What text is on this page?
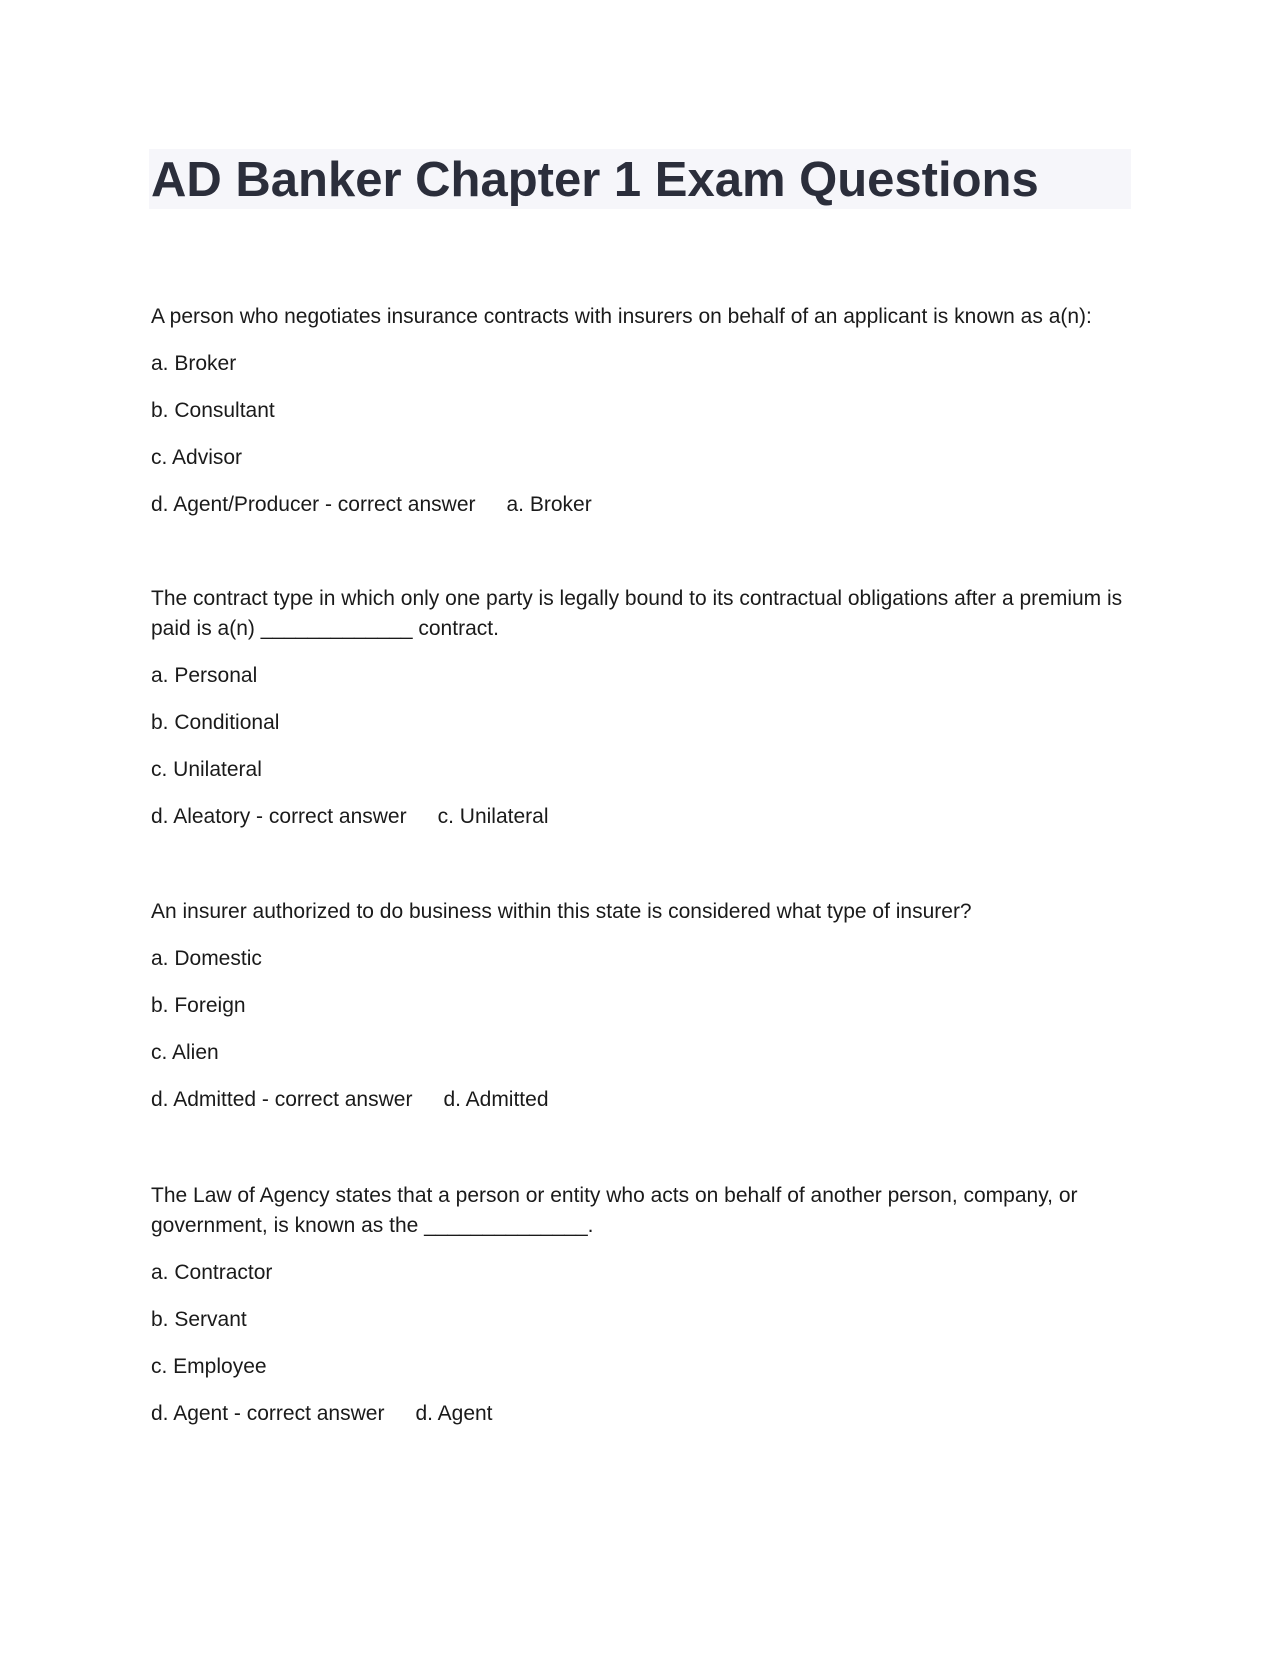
AD Banker Chapter 1 Exam Questions

A person who negotiates insurance contracts with insurers on behalf of an applicant is known as a(n):

a. Broker
b. Consultant
c. Advisor
d. Agent/Producer - correct answer a. Broker

The contract type in which only one party is legally bound to its contractual obligations after a premium is paid is a(n) _____________ contract.

a. Personal
b. Conditional
c. Unilateral
d. Aleatory - correct answer c. Unilateral

An insurer authorized to do business within this state is considered what type of insurer?

a. Domestic
b. Foreign
c. Alien
d. Admitted - correct answer d. Admitted

The Law of Agency states that a person or entity who acts on behalf of another person, company, or government, is known as the ______________.

a. Contractor
b. Servant
c. Employee
d. Agent - correct answer d. Agent
